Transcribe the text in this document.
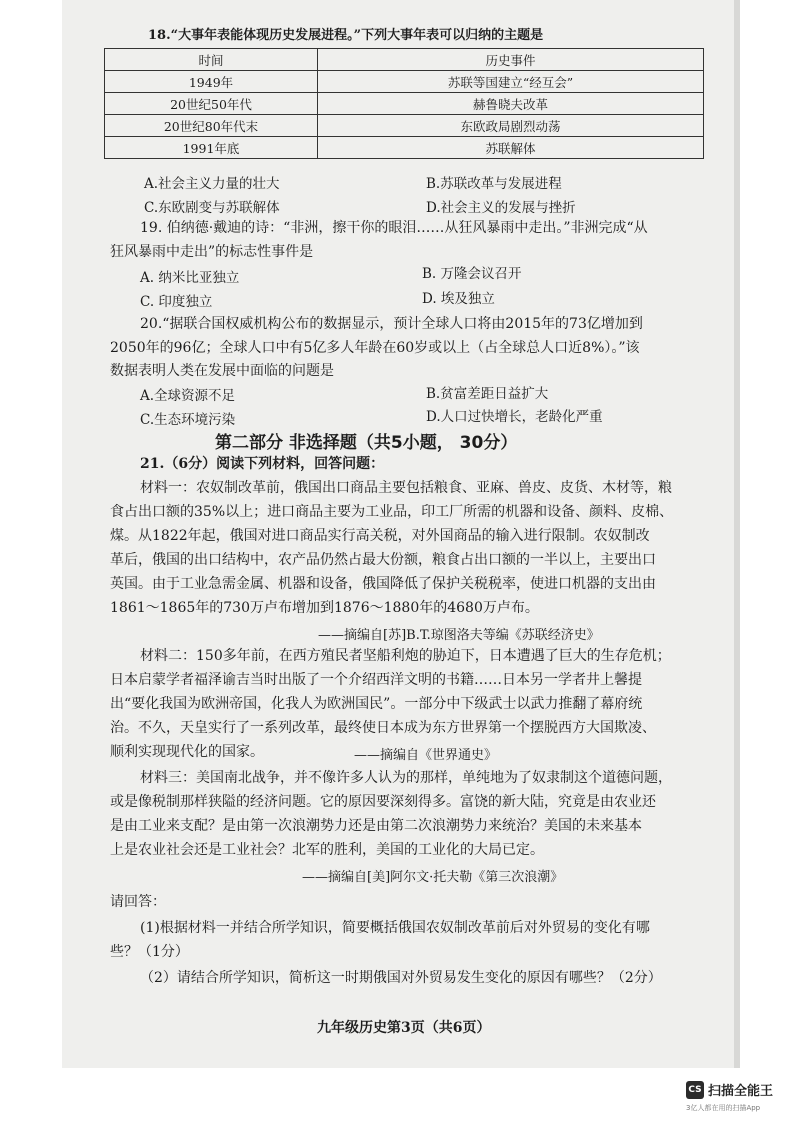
18.“大事年表能体现历史发展进程。”下列大事年表可以归纳的主题是
时间	历史事件
1949年	苏联等国建立“经互会”
20世纪50年代	赫鲁晓夫改革
20世纪80年代末	东欧政局剧烈动荡
1991年底	苏联解体
A.社会主义力量的壮大	B.苏联改革与发展进程
C.东欧剧变与苏联解体	D.社会主义的发展与挫折
19. 伯纳德·戴迪的诗：“非洲，擦干你的眼泪……从狂风暴雨中走出。”非洲完成“从
狂风暴雨中走出”的标志性事件是
A. 纳米比亚独立	B. 万隆会议召开
C. 印度独立	D. 埃及独立
20.“据联合国权威机构公布的数据显示，预计全球人口将由2015年的73亿增加到
2050年的96亿；全球人口中有5亿多人年龄在60岁或以上（占全球总人口近8%）。”该
数据表明人类在发展中面临的问题是
A.全球资源不足	B.贫富差距日益扩大
C.生态环境污染	D.人口过快增长，老龄化严重
第二部分 非选择题（共5小题， 30分）
21.（6分）阅读下列材料，回答问题：
材料一：农奴制改革前，俄国出口商品主要包括粮食、亚麻、兽皮、皮货、木材等，粮
食占出口额的35%以上；进口商品主要为工业品，印工厂所需的机器和设备、颜料、皮棉、
煤。从1822年起，俄国对进口商品实行高关税，对外国商品的输入进行限制。农奴制改
革后，俄国的出口结构中，农产品仍然占最大份额，粮食占出口额的一半以上，主要出口
英国。由于工业急需金属、机器和设备，俄国降低了保护关税税率，使进口机器的支出由
1861～1865年的730万卢布增加到1876～1880年的4680万卢布。
——摘编自[苏]B.T.琼图洛夫等编《苏联经济史》
材料二：150多年前，在西方殖民者坚船利炮的胁迫下，日本遭遇了巨大的生存危机；
日本启蒙学者福泽谕吉当时出版了一个介绍西洋文明的书籍……日本另一学者井上馨提
出“要化我国为欧洲帝国，化我人为欧洲国民”。一部分中下级武士以武力推翻了幕府统
治。不久，天皇实行了一系列改革，最终使日本成为东方世界第一个摆脱西方大国欺凌、
顺利实现现代化的国家。	——摘编自《世界通史》
材料三：美国南北战争，并不像许多人认为的那样，单纯地为了奴隶制这个道德问题，
或是像税制那样狭隘的经济问题。它的原因要深刻得多。富饶的新大陆，究竟是由农业还
是由工业来支配？是由第一次浪潮势力还是由第二次浪潮势力来统治？美国的未来基本
上是农业社会还是工业社会？北军的胜利，美国的工业化的大局已定。
——摘编自[美]阿尔文·托夫勒《第三次浪潮》
请回答：
(1)根据材料一并结合所学知识，简要概括俄国农奴制改革前后对外贸易的变化有哪
些？（1分）
（2）请结合所学知识，简析这一时期俄国对外贸易发生变化的原因有哪些？（2分）
九年级历史第3页（共6页）
CS 扫描全能王
3亿人都在用的扫描App
